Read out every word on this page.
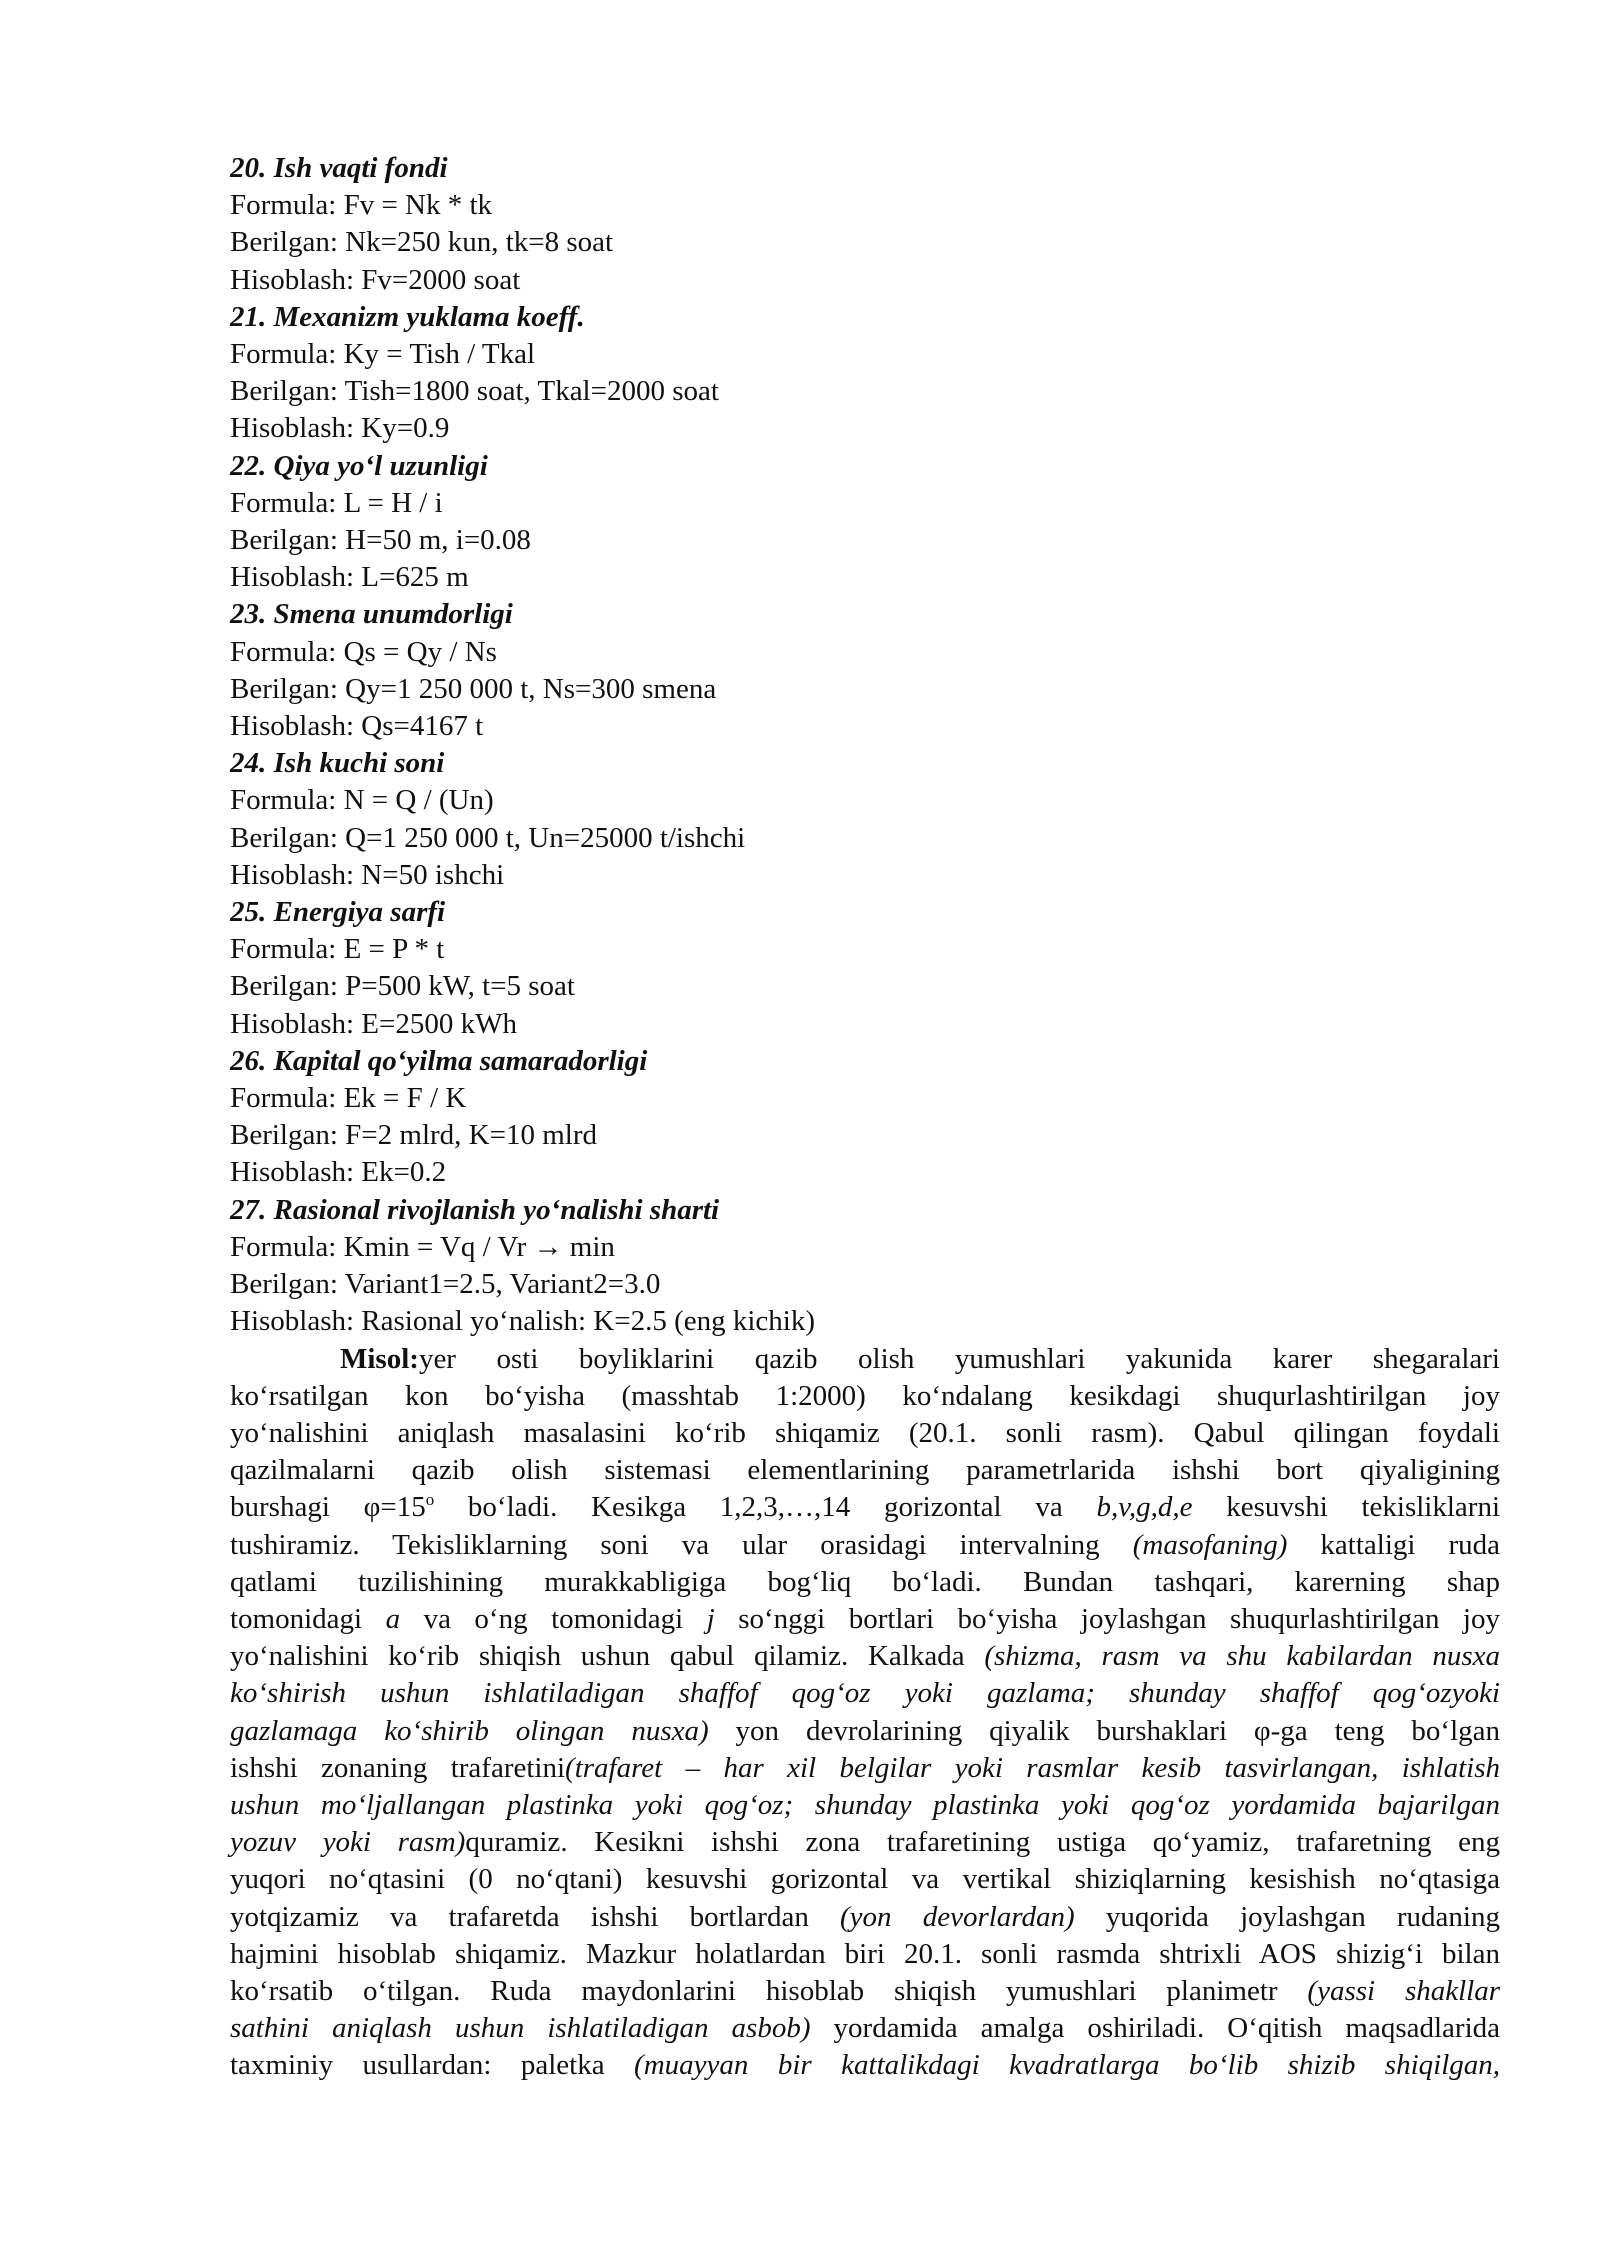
20. Ish vaqti fondi
Formula: Fv = Nk * tk
Berilgan: Nk=250 kun, tk=8 soat
Hisoblash: Fv=2000 soat
21. Mexanizm yuklama koeff.
Formula: Ky = Tish / Tkal
Berilgan: Tish=1800 soat, Tkal=2000 soat
Hisoblash: Ky=0.9
22. Qiya yo‘l uzunligi
Formula: L = H / i
Berilgan: H=50 m, i=0.08
Hisoblash: L=625 m
23. Smena unumdorligi
Formula: Qs = Qy / Ns
Berilgan: Qy=1 250 000 t, Ns=300 smena
Hisoblash: Qs=4167 t
24. Ish kuchi soni
Formula: N = Q / (Un)
Berilgan: Q=1 250 000 t, Un=25000 t/ishchi
Hisoblash: N=50 ishchi
25. Energiya sarfi
Formula: E = P * t
Berilgan: P=500 kW, t=5 soat
Hisoblash: E=2500 kWh
26. Kapital qo‘yilma samaradorligi
Formula: Ek = F / K
Berilgan: F=2 mlrd, K=10 mlrd
Hisoblash: Ek=0.2
27. Rasional rivojlanish yo‘nalishi sharti
Formula: Kmin = Vq / Vr → min
Berilgan: Variant1=2.5, Variant2=3.0
Hisoblash: Rasional yo‘nalish: K=2.5 (eng kichik)
Misol:yer osti boyliklarini qazib olish yumushlari yakunida karer shegaralari
ko‘rsatilgan kon bo‘yisha (masshtab 1:2000) ko‘ndalang kesikdagi shuqurlashtirilgan joy
yo‘nalishini aniqlash masalasini ko‘rib shiqamiz (20.1. sonli rasm). Qabul qilingan foydali
qazilmalarni qazib olish sistemasi elementlarining parametrlarida ishshi bort qiyaligining
burshagi $\varphi=15^o$ bo‘ladi. Kesikga 1,2,3,…,14 gorizontal va b,v,g,d,e kesuvshi tekisliklarni
tushiramiz. Tekisliklarning soni va ular orasidagi intervalning (masofaning) kattaligi ruda
qatlami tuzilishining murakkabligiga bog‘liq bo‘ladi. Bundan tashqari, karerning shap
tomonidagi a va o‘ng tomonidagi j so‘nggi bortlari bo‘yisha joylashgan shuqurlashtirilgan joy
yo‘nalishini ko‘rib shiqish ushun qabul qilamiz. Kalkada (shizma, rasm va shu kabilardan nusxa
ko‘shirish ushun ishlatiladigan shaffof qog‘oz yoki gazlama; shunday shaffof qog‘ozyoki
gazlamaga ko‘shirib olingan nusxa) yon devrolarining qiyalik burshaklari φ-ga teng bo‘lgan
ishshi zonaning trafaretini(trafaret – har xil belgilar yoki rasmlar kesib tasvirlangan, ishlatish
ushun mo‘ljallangan plastinka yoki qog‘oz; shunday plastinka yoki qog‘oz yordamida bajarilgan
yozuv yoki rasm)quramiz. Kesikni ishshi zona trafaretining ustiga qo‘yamiz, trafaretning eng
yuqori no‘qtasini (0 no‘qtani) kesuvshi gorizontal va vertikal shiziqlarning kesishish no‘qtasiga
yotqizamiz va trafaretda ishshi bortlardan (yon devorlardan) yuqorida joylashgan rudaning
hajmini hisoblab shiqamiz. Mazkur holatlardan biri 20.1. sonli rasmda shtrixli AOS shizig‘i bilan
ko‘rsatib o‘tilgan. Ruda maydonlarini hisoblab shiqish yumushlari planimetr (yassi shakllar
sathini aniqlash ushun ishlatiladigan asbob) yordamida amalga oshiriladi. O‘qitish maqsadlarida
taxminiy usullardan: paletka (muayyan bir kattalikdagi kvadratlarga bo‘lib shizib shiqilgan,
